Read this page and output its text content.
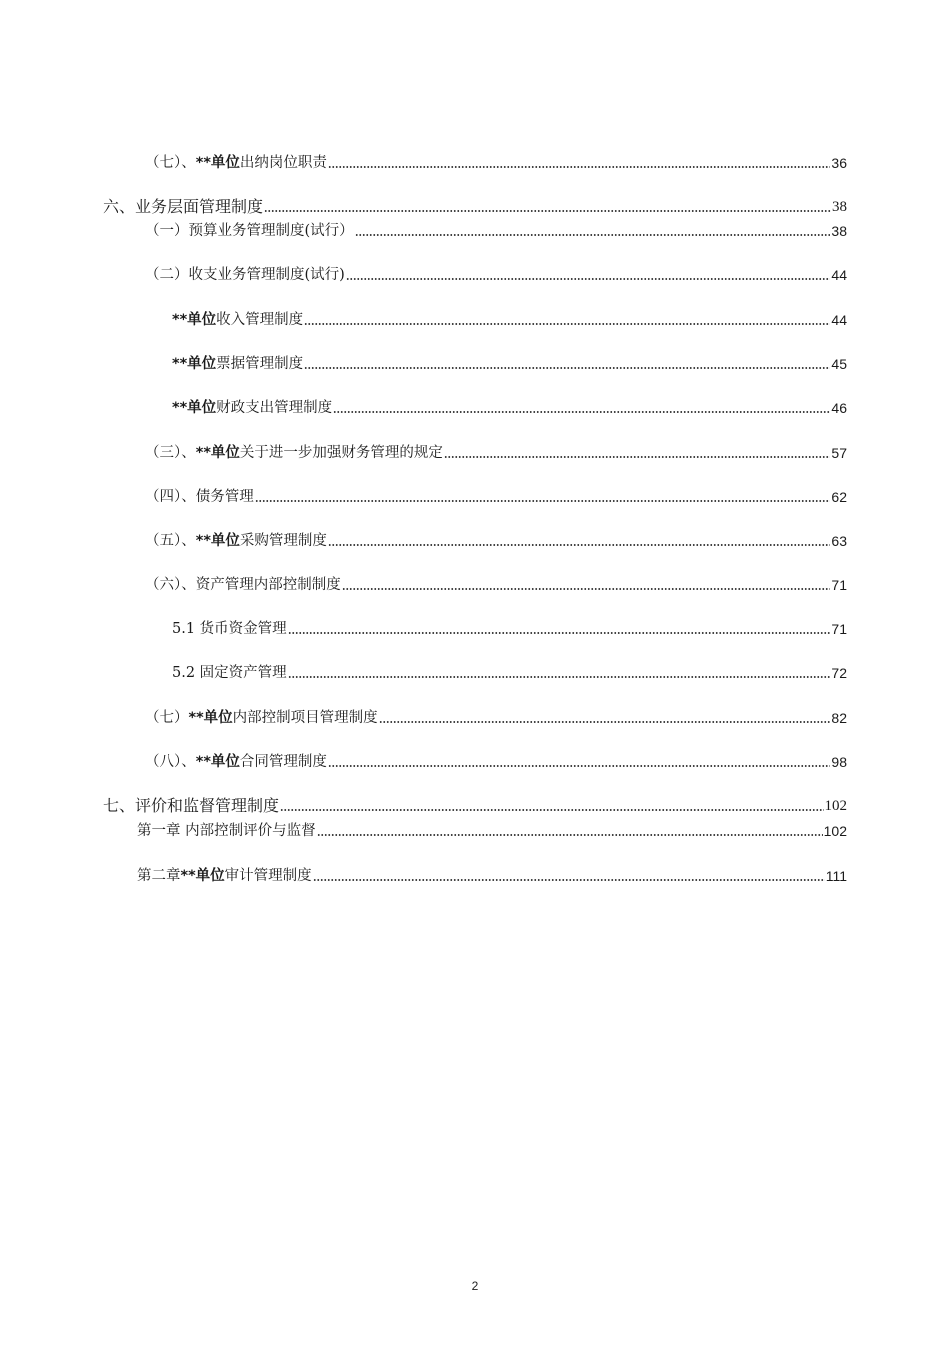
（七）、 **单位 出纳岗位职责	36
六、业务层面管理制度	38
（一）预算业务管理制度(试行）	38
（二）收支业务管理制度(试行)	44
**单位 收入管理制度	44
**单位 票据管理制度	45
**单位 财政支出管理制度	46
（三）、 **单位 关于进一步加强财务管理的规定	57
（四）、债务管理	62
（五）、 **单位 采购管理制度	63
（六）、资产管理内部控制制度	71
5.1 货币资金管理	71
5.2 固定资产管理	72
（七） **单位 内部控制项目管理制度	82
（八）、 **单位 合同管理制度	98
七、评价和监督管理制度	102
第一章 内部控制评价与监督	102
第二章 **单位 审计管理制度	111
2
